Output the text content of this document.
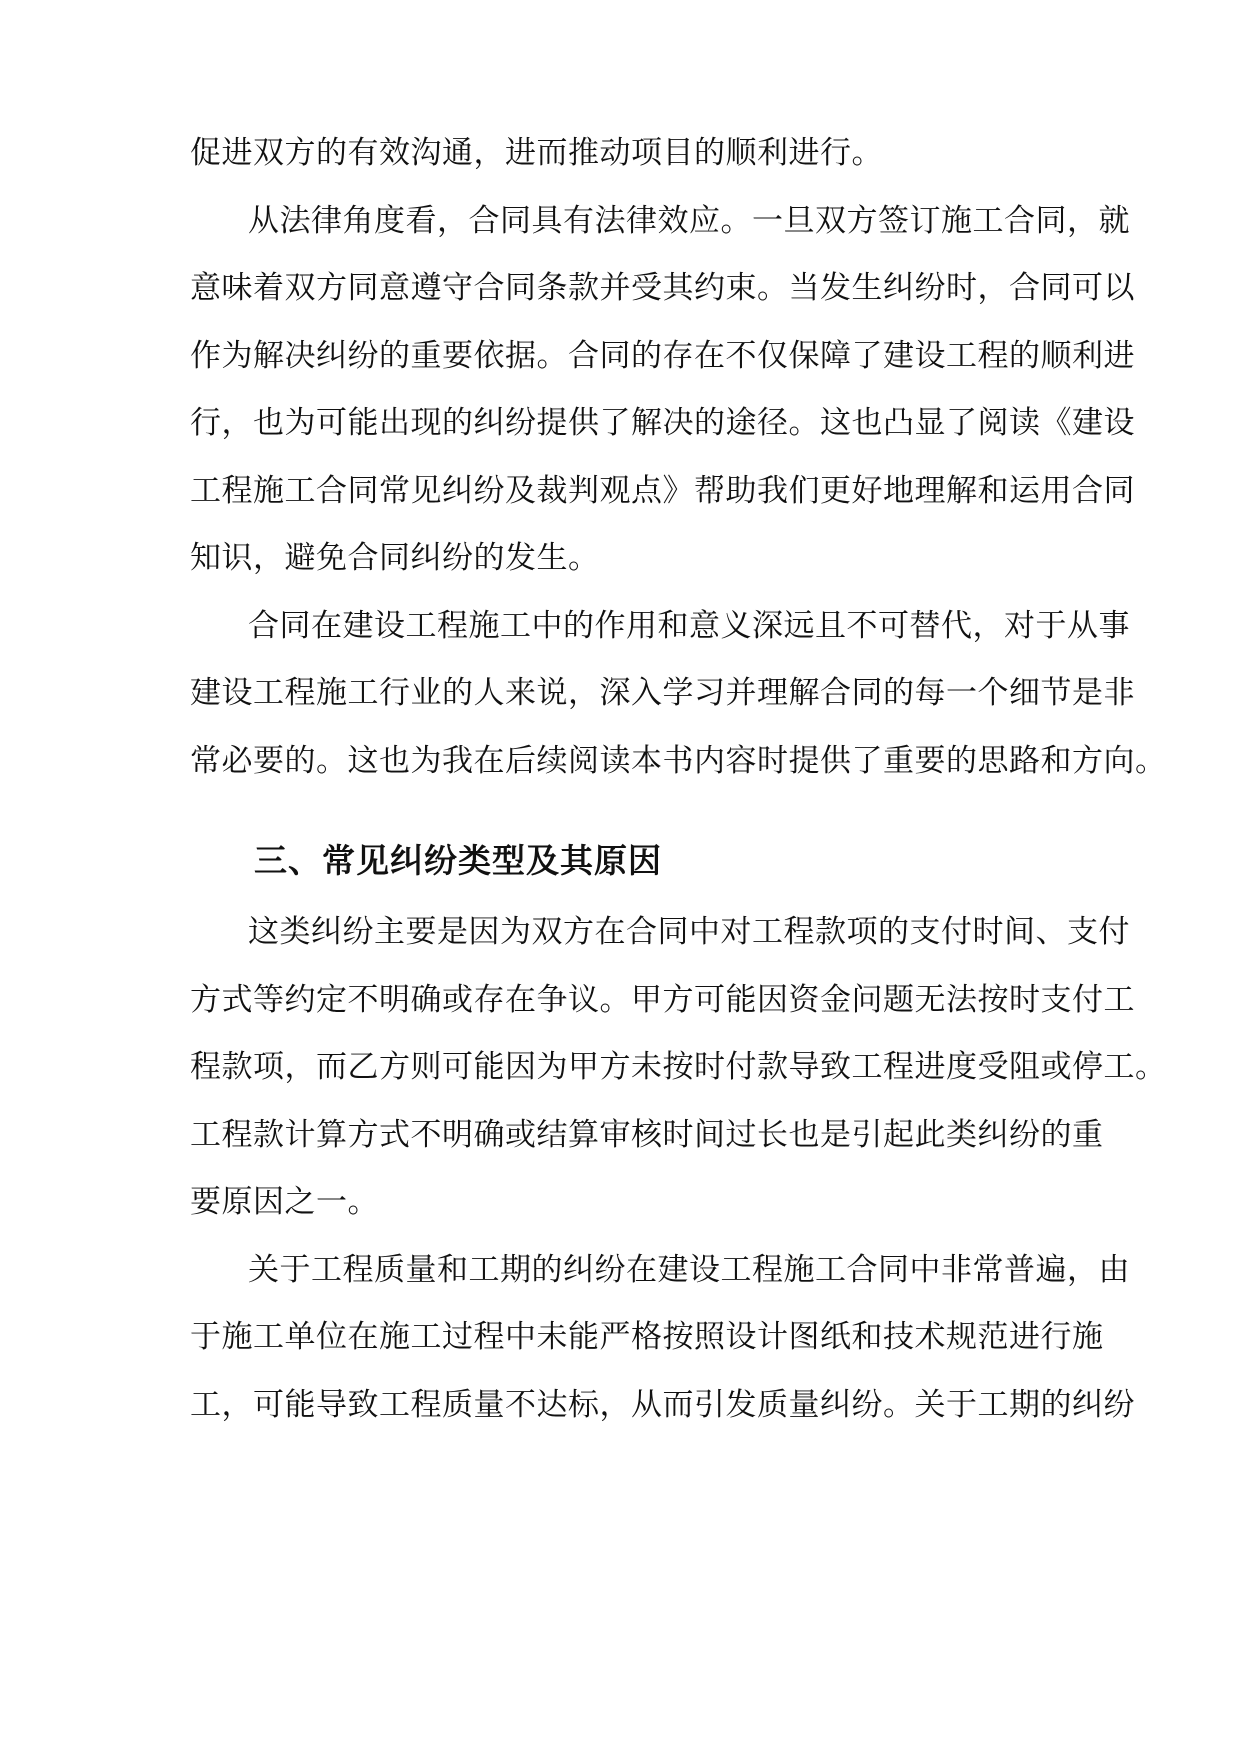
促进双方的有效沟通，进而推动项目的顺利进行。
从法律角度看，合同具有法律效应。一旦双方签订施工合同，就
意味着双方同意遵守合同条款并受其约束。当发生纠纷时，合同可以
作为解决纠纷的重要依据。合同的存在不仅保障了建设工程的顺利进
行，也为可能出现的纠纷提供了解决的途径。这也凸显了阅读《建设
工程施工合同常见纠纷及裁判观点》帮助我们更好地理解和运用合同
知识，避免合同纠纷的发生。
合同在建设工程施工中的作用和意义深远且不可替代，对于从事
建设工程施工行业的人来说，深入学习并理解合同的每一个细节是非
常必要的。这也为我在后续阅读本书内容时提供了重要的思路和方向。
三、常见纠纷类型及其原因
这类纠纷主要是因为双方在合同中对工程款项的支付时间、支付
方式等约定不明确或存在争议。甲方可能因资金问题无法按时支付工
程款项，而乙方则可能因为甲方未按时付款导致工程进度受阻或停工。
工程款计算方式不明确或结算审核时间过长也是引起此类纠纷的重
要原因之一。
关于工程质量和工期的纠纷在建设工程施工合同中非常普遍，由
于施工单位在施工过程中未能严格按照设计图纸和技术规范进行施
工，可能导致工程质量不达标，从而引发质量纠纷。关于工期的纠纷
